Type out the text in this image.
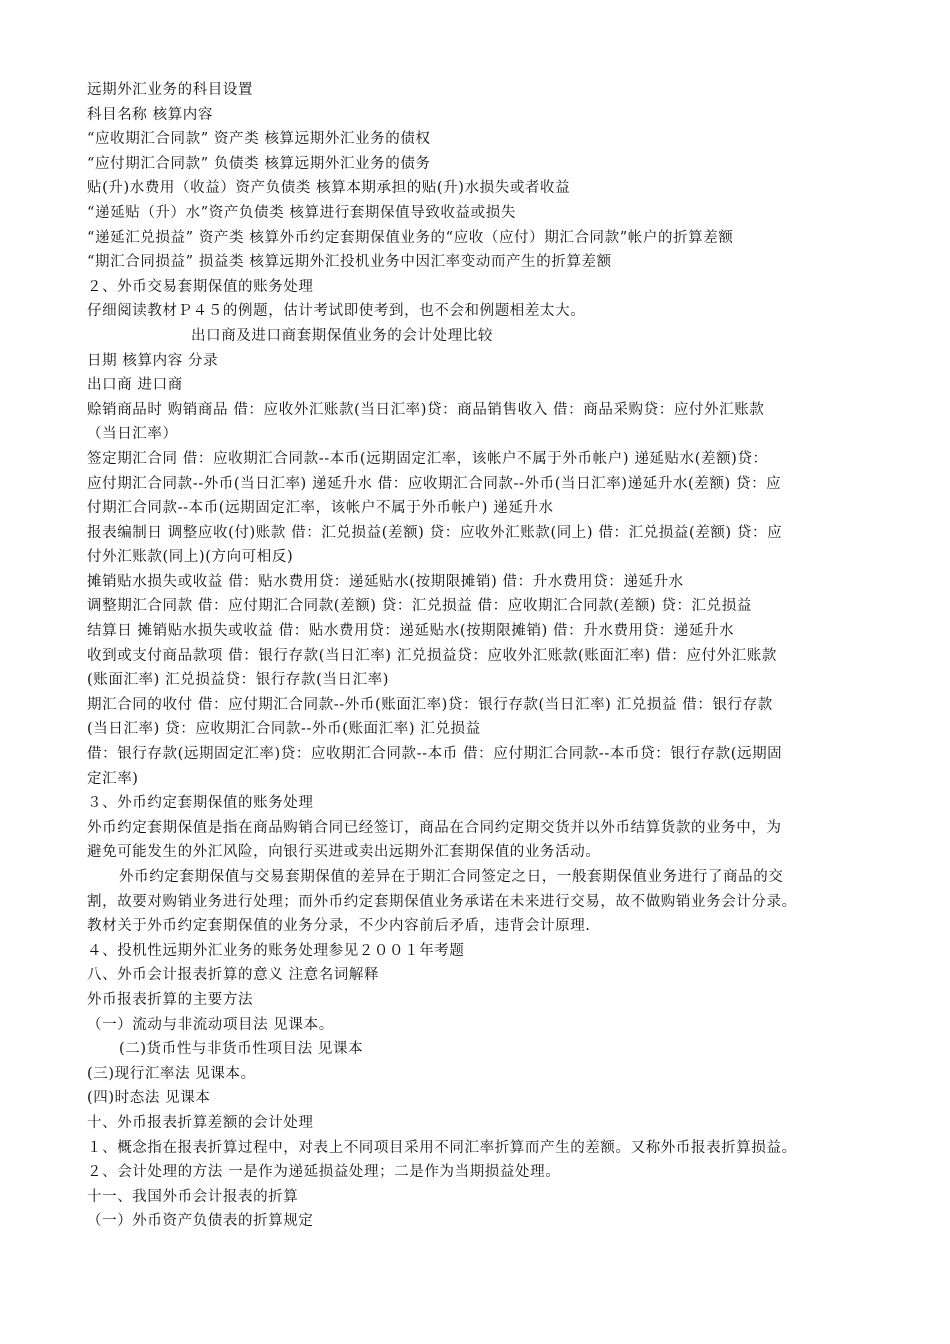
远期外汇业务的科目设置

科目名称 核算内容

“应收期汇合同款” 资产类 核算远期外汇业务的债权

“应付期汇合同款” 负债类 核算远期外汇业务的债务

贴(升)水费用（收益）资产负债类 核算本期承担的贴(升)水损失或者收益

“递延贴（升）水”资产负债类 核算进行套期保值导致收益或损失

“递延汇兑损益” 资产类 核算外币约定套期保值业务的“应收（应付）期汇合同款”帐户的折算差额

“期汇合同损益” 损益类 核算远期外汇投机业务中因汇率变动而产生的折算差额

２、外币交易套期保值的账务处理

仔细阅读教材Ｐ４５的例题，估计考试即使考到，也不会和例题相差太大。

出口商及进口商套期保值业务的会计处理比较

日期 核算内容 分录

出口商 进口商

赊销商品时 购销商品 借：应收外汇账款(当日汇率)贷：商品销售收入 借：商品采购贷：应付外汇账款

（当日汇率）

签定期汇合同 借：应收期汇合同款--本币(远期固定汇率，该帐户不属于外币帐户) 递延贴水(差额)贷：

应付期汇合同款--外币(当日汇率) 递延升水 借：应收期汇合同款--外币(当日汇率)递延升水(差额) 贷：应

付期汇合同款--本币(远期固定汇率，该帐户不属于外币帐户) 递延升水

报表编制日 调整应收(付)账款 借：汇兑损益(差额) 贷：应收外汇账款(同上) 借：汇兑损益(差额) 贷：应

付外汇账款(同上)(方向可相反)

摊销贴水损失或收益 借：贴水费用贷：递延贴水(按期限摊销) 借：升水费用贷：递延升水

调整期汇合同款 借：应付期汇合同款(差额) 贷：汇兑损益 借：应收期汇合同款(差额) 贷：汇兑损益

结算日 摊销贴水损失或收益 借：贴水费用贷：递延贴水(按期限摊销) 借：升水费用贷：递延升水

收到或支付商品款项 借：银行存款(当日汇率) 汇兑损益贷：应收外汇账款(账面汇率) 借：应付外汇账款

(账面汇率) 汇兑损益贷：银行存款(当日汇率)

期汇合同的收付 借：应付期汇合同款--外币(账面汇率)贷：银行存款(当日汇率) 汇兑损益 借：银行存款

(当日汇率) 贷：应收期汇合同款--外币(账面汇率) 汇兑损益

借：银行存款(远期固定汇率)贷：应收期汇合同款--本币 借：应付期汇合同款--本币贷：银行存款(远期固

定汇率)

３、外币约定套期保值的账务处理

外币约定套期保值是指在商品购销合同已经签订，商品在合同约定期交货并以外币结算货款的业务中，为

避免可能发生的外汇风险，向银行买进或卖出远期外汇套期保值的业务活动。

外币约定套期保值与交易套期保值的差异在于期汇合同签定之日，一般套期保值业务进行了商品的交

割，故要对购销业务进行处理；而外币约定套期保值业务承诺在未来进行交易，故不做购销业务会计分录。

教材关于外币约定套期保值的业务分录，不少内容前后矛盾，违背会计原理.

４、投机性远期外汇业务的账务处理参见２００１年考题

八、外币会计报表折算的意义 注意名词解释

外币报表折算的主要方法

（一）流动与非流动项目法 见课本。

(二)货币性与非货币性项目法 见课本

(三)现行汇率法 见课本。

(四)时态法 见课本

十、外币报表折算差额的会计处理

１、概念指在报表折算过程中，对表上不同项目采用不同汇率折算而产生的差额。又称外币报表折算损益。

２、会计处理的方法 一是作为递延损益处理；二是作为当期损益处理。

十一、我国外币会计报表的折算

（一）外币资产负债表的折算规定
